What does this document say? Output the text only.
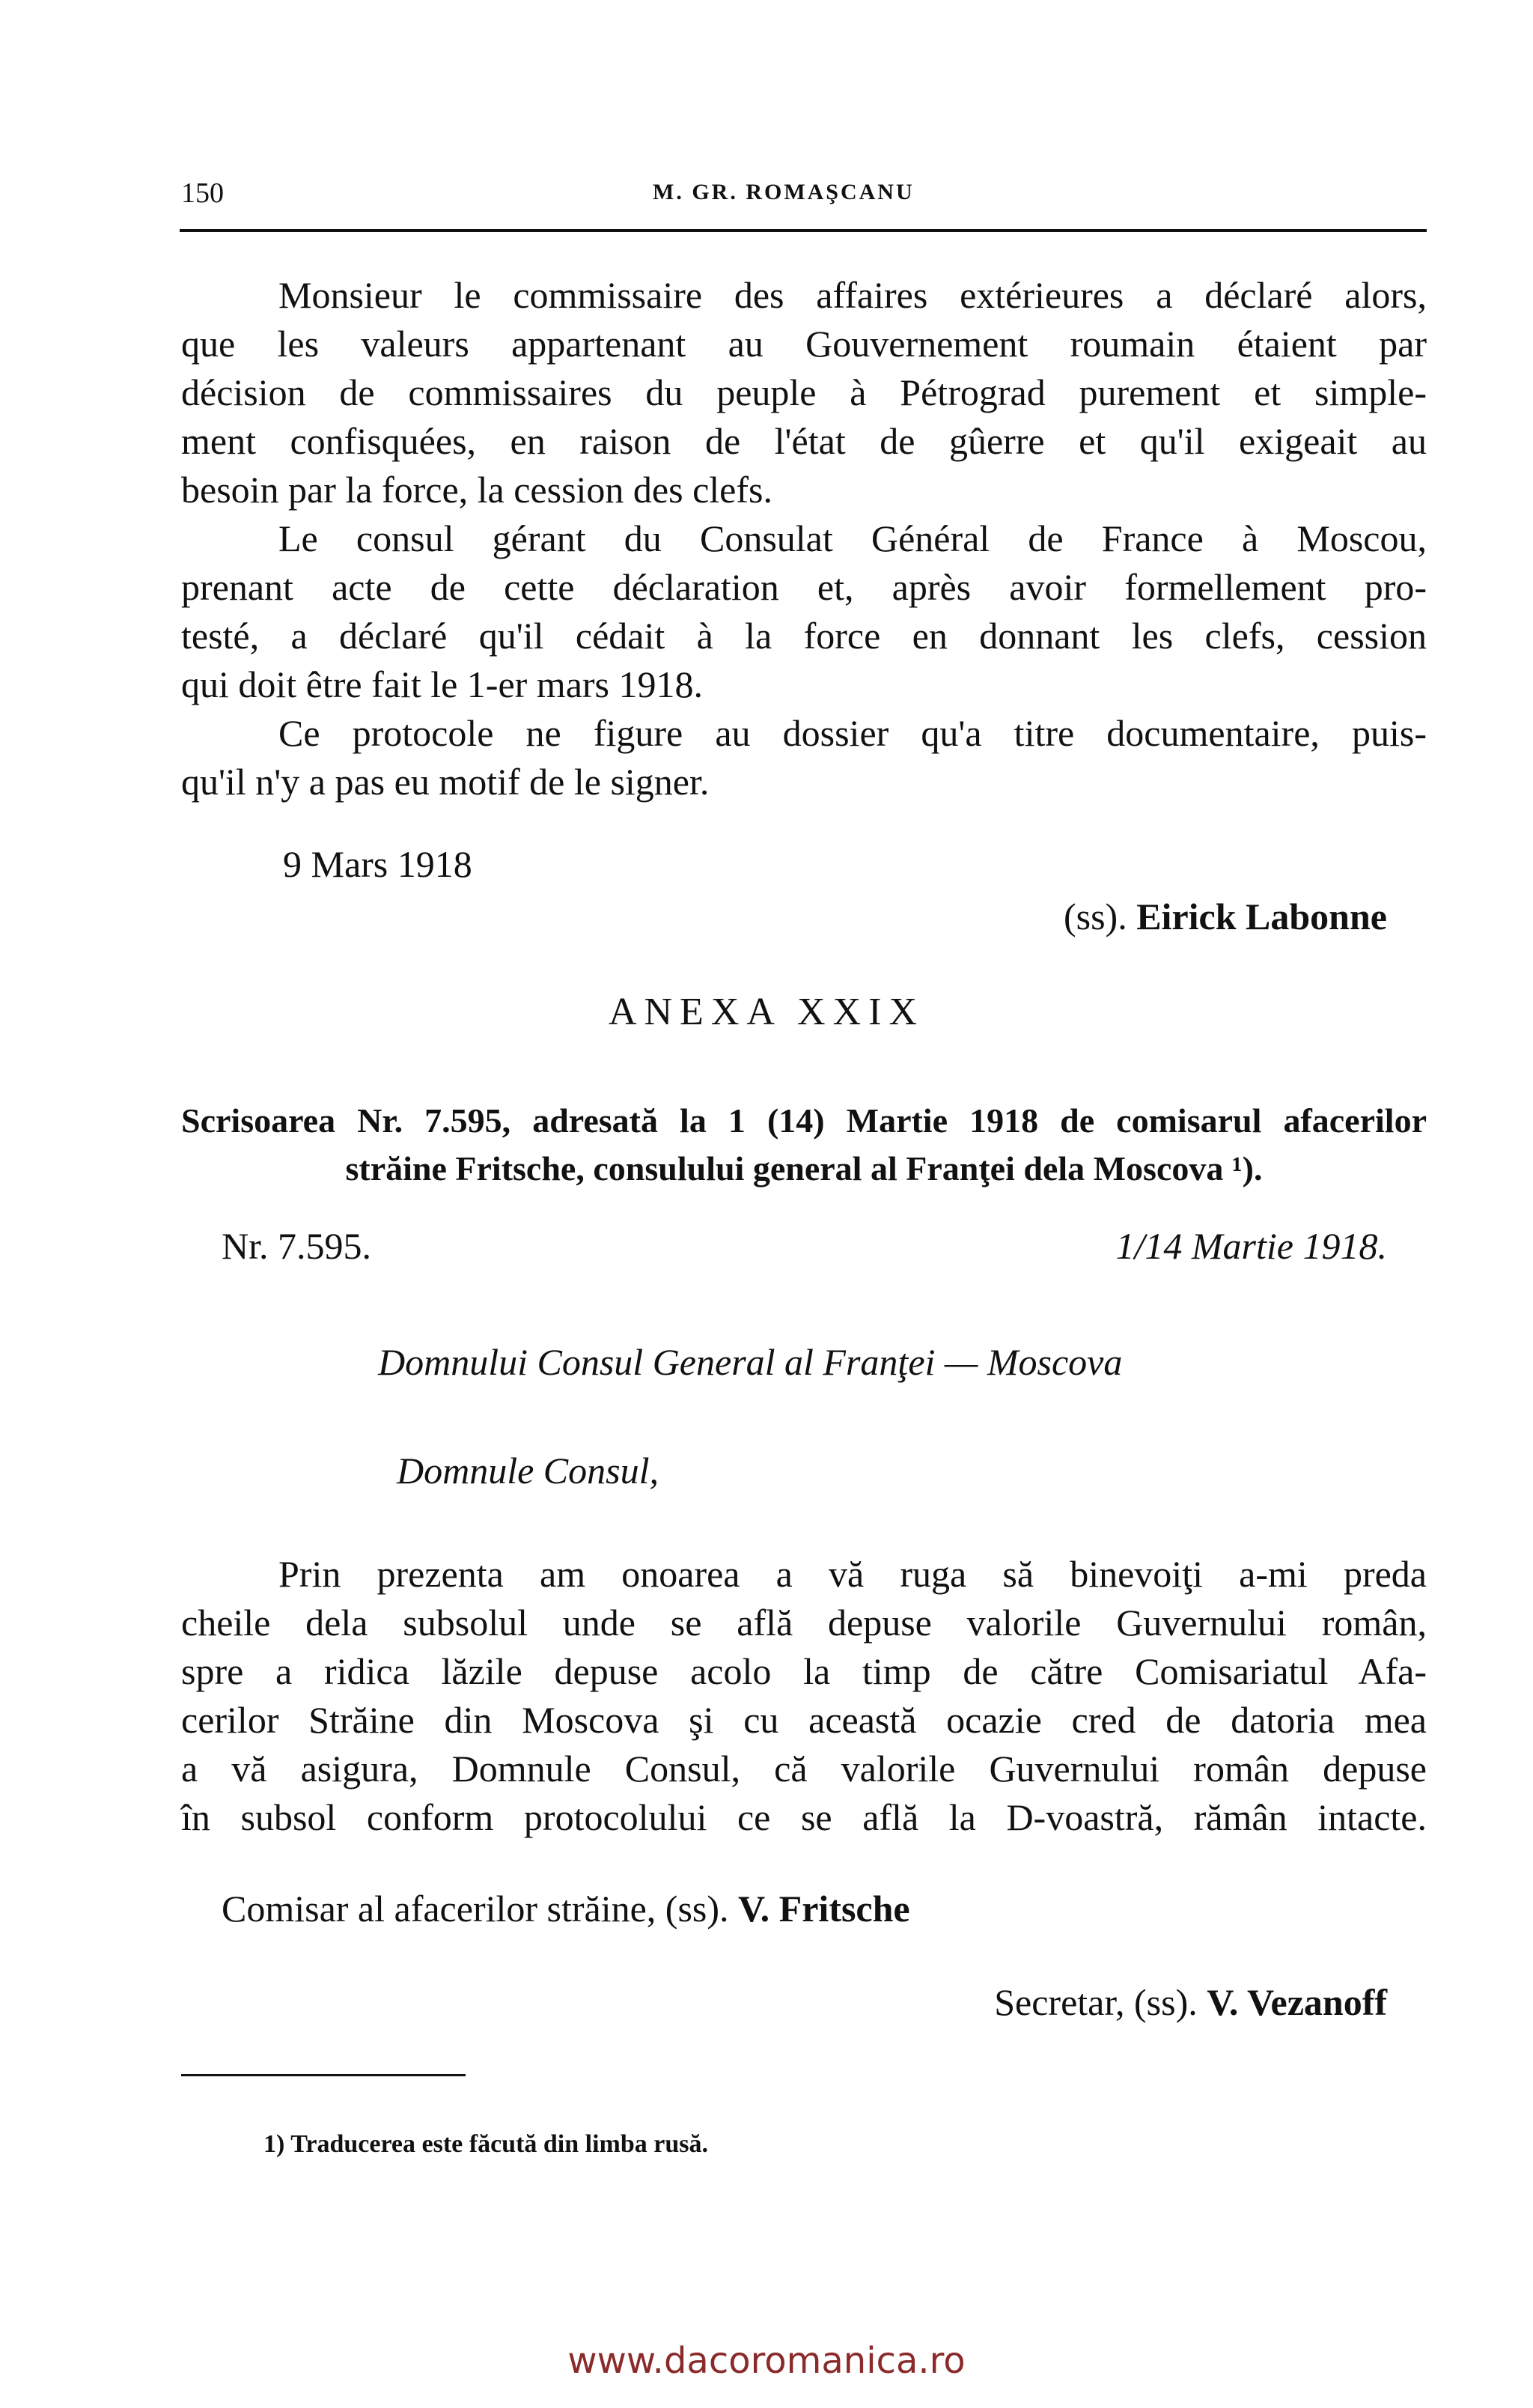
150	M. GR. ROMAŞCANU
Monsieur le commissaire des affaires extérieures a déclaré alors,
que les valeurs appartenant au Gouvernement roumain étaient par
décision de commissaires du peuple à Pétrograd purement et simple-
ment confisquées, en raison de l'état de gûerre et qu'il exigeait au
besoin par la force, la cession des clefs.
Le consul gérant du Consulat Général de France à Moscou,
prenant acte de cette déclaration et, après avoir formellement pro-
testé, a déclaré qu'il cédait à la force en donnant les clefs, cession
qui doit être fait le 1-er mars 1918.
Ce protocole ne figure au dossier qu'a titre documentaire, puis-
qu'il n'y a pas eu motif de le signer.
9 Mars 1918
(ss). Eirick Labonne
ANEXA XXIX
Scrisoarea Nr. 7.595, adresată la 1 (14) Martie 1918 de comisarul afacerilor
străine Fritsche, consulului general al Franţei dela Moscova ¹).
Nr. 7.595.	1/14 Martie 1918.
Domnului Consul General al Franţei — Moscova
Domnule Consul,
Prin prezenta am onoarea a vă ruga să binevoiţi a-mi preda
cheile dela subsolul unde se află depuse valorile Guvernului român,
spre a ridica lăzile depuse acolo la timp de către Comisariatul Afa-
cerilor Străine din Moscova şi cu această ocazie cred de datoria mea
a vă asigura, Domnule Consul, că valorile Guvernului român depuse
în subsol conform protocolului ce se află la D-voastră, rămân intacte.
Comisar al afacerilor străine, (ss). V. Fritsche
Secretar, (ss). V. Vezanoff
1) Traducerea este făcută din limba rusă.
www.dacoromanica.ro
